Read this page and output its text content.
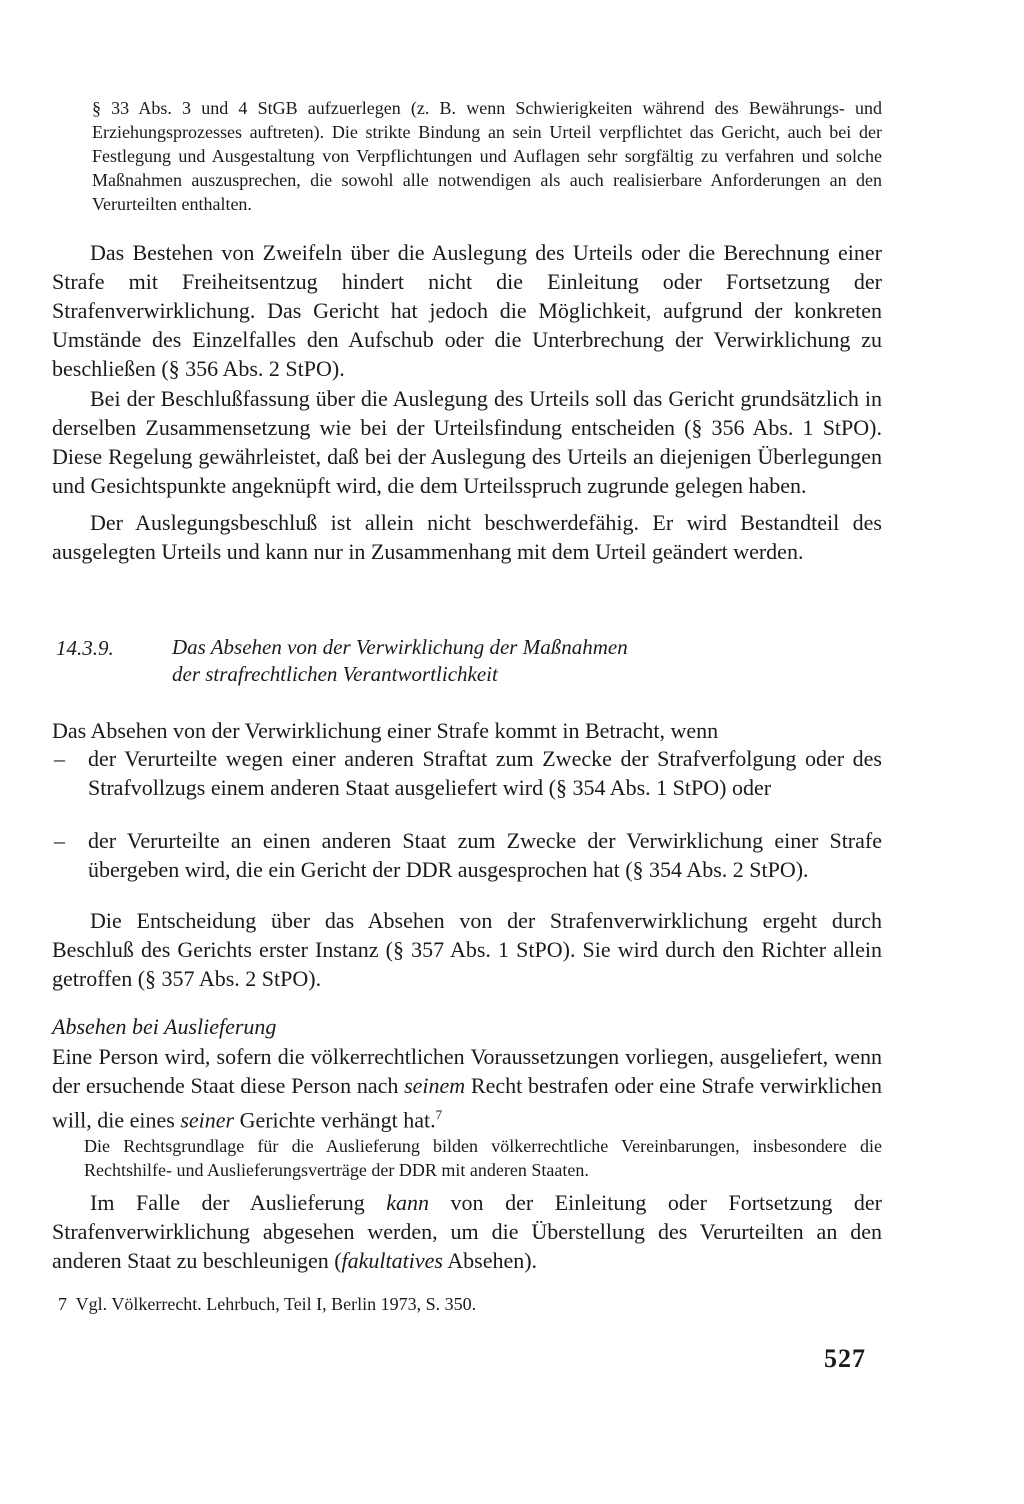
§ 33 Abs. 3 und 4 StGB aufzuerlegen (z. B. wenn Schwierigkeiten während des Bewährungs- und Erziehungsprozesses auftreten). Die strikte Bindung an sein Urteil verpflichtet das Gericht, auch bei der Festlegung und Ausgestaltung von Verpflichtungen und Auflagen sehr sorgfältig zu verfahren und solche Maßnahmen auszusprechen, die sowohl alle notwendigen als auch realisierbare Anforderungen an den Verurteilten enthalten.

Das Bestehen von Zweifeln über die Auslegung des Urteils oder die Berechnung einer Strafe mit Freiheitsentzug hindert nicht die Einleitung oder Fortsetzung der Strafenverwirklichung. Das Gericht hat jedoch die Möglichkeit, aufgrund der konkreten Umstände des Einzelfalles den Aufschub oder die Unterbrechung der Verwirklichung zu beschließen (§ 356 Abs. 2 StPO).

Bei der Beschlußfassung über die Auslegung des Urteils soll das Gericht grundsätzlich in derselben Zusammensetzung wie bei der Urteilsfindung entscheiden (§ 356 Abs. 1 StPO). Diese Regelung gewährleistet, daß bei der Auslegung des Urteils an diejenigen Überlegungen und Gesichtspunkte angeknüpft wird, die dem Urteilsspruch zugrunde gelegen haben.

Der Auslegungsbeschluß ist allein nicht beschwerdefähig. Er wird Bestandteil des ausgelegten Urteils und kann nur in Zusammenhang mit dem Urteil geändert werden.

14.3.9.	Das Absehen von der Verwirklichung der Maßnahmen
der strafrechtlichen Verantwortlichkeit

Das Absehen von der Verwirklichung einer Strafe kommt in Betracht, wenn

– der Verurteilte wegen einer anderen Straftat zum Zwecke der Strafverfolgung oder des Strafvollzugs einem anderen Staat ausgeliefert wird (§ 354 Abs. 1 StPO) oder

– der Verurteilte an einen anderen Staat zum Zwecke der Verwirklichung einer Strafe übergeben wird, die ein Gericht der DDR ausgesprochen hat (§ 354 Abs. 2 StPO).

Die Entscheidung über das Absehen von der Strafenverwirklichung ergeht durch Beschluß des Gerichts erster Instanz (§ 357 Abs. 1 StPO). Sie wird durch den Richter allein getroffen (§ 357 Abs. 2 StPO).

Absehen bei Auslieferung

Eine Person wird, sofern die völkerrechtlichen Voraussetzungen vorliegen, ausgeliefert, wenn der ersuchende Staat diese Person nach seinem Recht bestrafen oder eine Strafe verwirklichen will, die eines seiner Gerichte verhängt hat.$^7$

Die Rechtsgrundlage für die Auslieferung bilden völkerrechtliche Vereinbarungen, insbesondere die Rechtshilfe- und Auslieferungsverträge der DDR mit anderen Staaten.

Im Falle der Auslieferung kann von der Einleitung oder Fortsetzung der Strafenverwirklichung abgesehen werden, um die Überstellung des Verurteilten an den anderen Staat zu beschleunigen (fakultatives Absehen).

7  Vgl. Völkerrecht. Lehrbuch, Teil I, Berlin 1973, S. 350.
527
